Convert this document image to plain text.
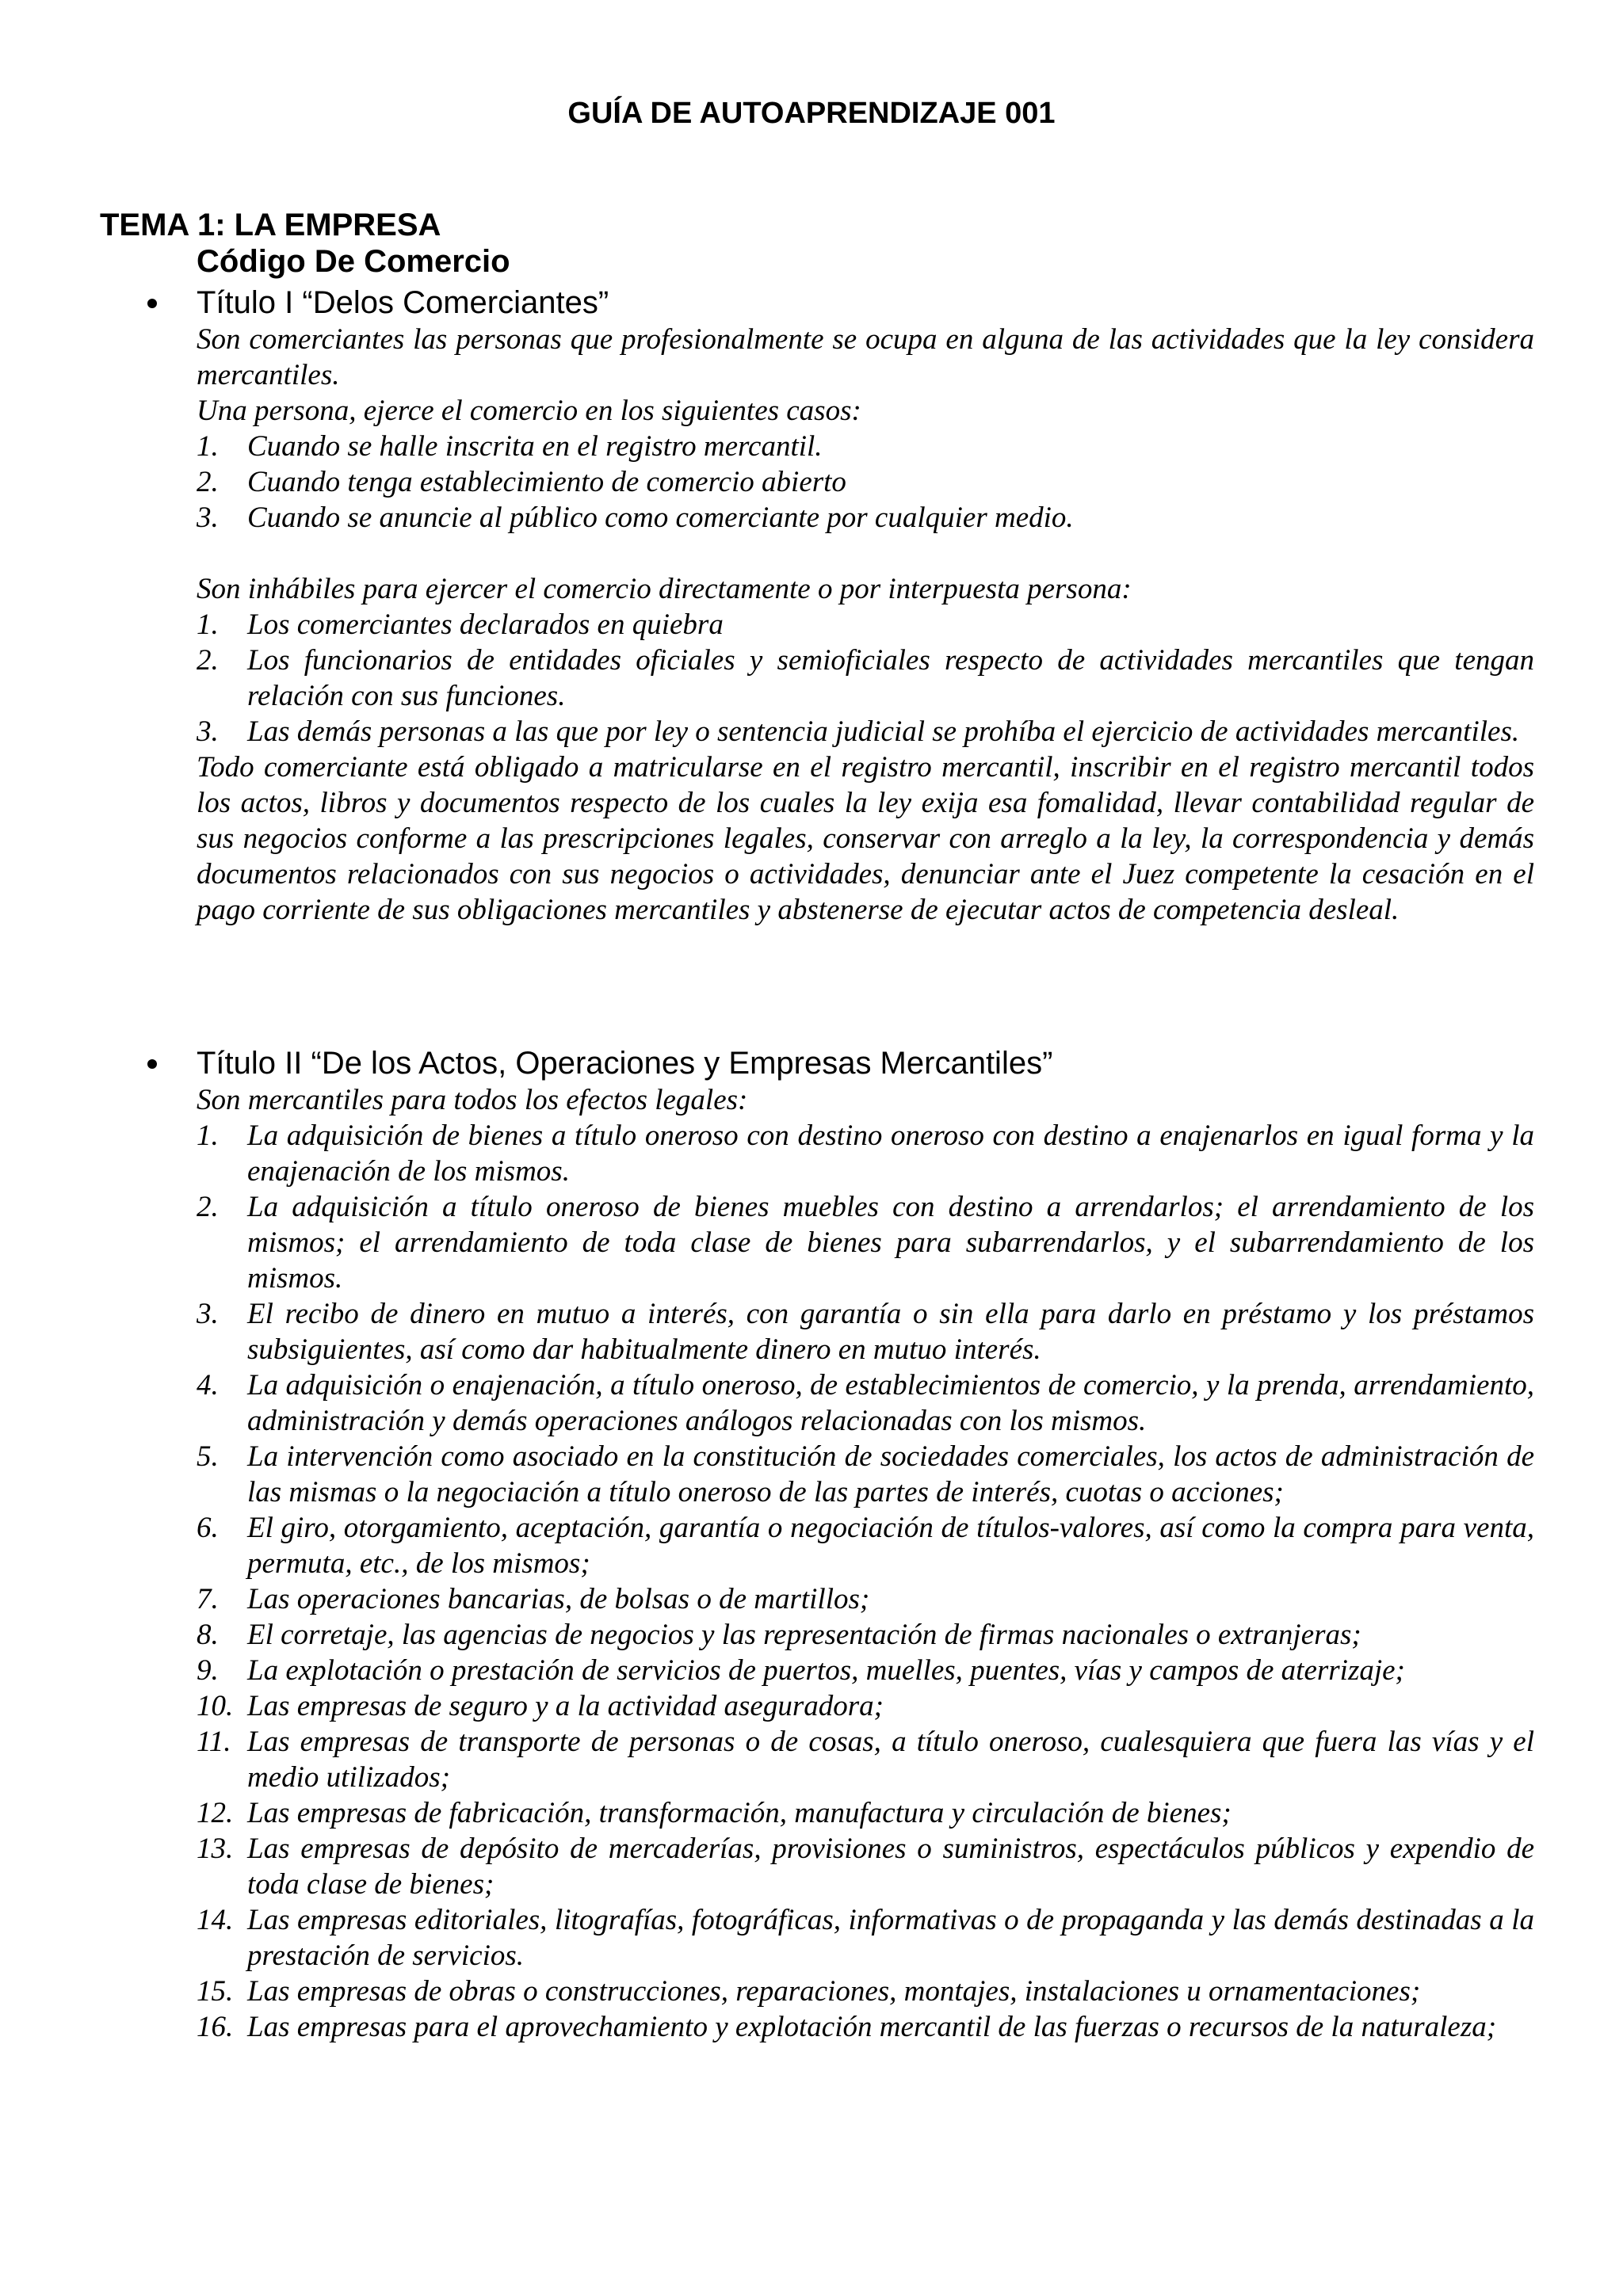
GUÍA DE AUTOAPRENDIZAJE 001
TEMA 1: LA EMPRESA
Código De Comercio
Título I “Delos Comerciantes”

Son comerciantes las personas que profesionalmente se ocupa en alguna de las actividades que la ley considera mercantiles.

Una persona, ejerce el comercio en los siguientes casos:

1. Cuando se halle inscrita en el registro mercantil.
2. Cuando tenga establecimiento de comercio abierto
3. Cuando se anuncie al público como comerciante por cualquier medio.

Son inhábiles para ejercer el comercio directamente o por interpuesta persona:

1. Los comerciantes declarados en quiebra
2. Los funcionarios de entidades oficiales y semioficiales respecto de actividades mercantiles que tengan relación con sus funciones.
3. Las demás personas a las que por ley o sentencia judicial se prohíba el ejercicio de actividades mercantiles.

Todo comerciante está obligado a matricularse en el registro mercantil, inscribir en el registro mercantil todos los actos, libros y documentos respecto de los cuales la ley exija esa fomalidad, llevar contabilidad regular de sus negocios conforme a las prescripciones legales, conservar con arreglo a la ley, la correspondencia y demás documentos relacionados con sus negocios o actividades, denunciar ante el Juez competente la cesación en el pago corriente de sus obligaciones mercantiles y abstenerse de ejecutar actos de competencia desleal.

Título II “De los Actos, Operaciones y Empresas Mercantiles”

Son mercantiles para todos los efectos legales:

1. La adquisición de bienes a título oneroso con destino oneroso con destino a enajenarlos en igual forma y la enajenación de los mismos.
2. La adquisición a título oneroso de bienes muebles con destino a arrendarlos; el arrendamiento de los mismos; el arrendamiento de toda clase de bienes para subarrendarlos, y el subarrendamiento de los mismos.
3. El recibo de dinero en mutuo a interés, con garantía o sin ella para darlo en préstamo y los préstamos subsiguientes, así como dar habitualmente dinero en mutuo interés.
4. La adquisición o enajenación, a título oneroso, de establecimientos de comercio, y la prenda, arrendamiento, administración y demás operaciones análogos relacionadas con los mismos.
5. La intervención como asociado en la constitución de sociedades comerciales, los actos de administración de las mismas o la negociación a título oneroso de las partes de interés, cuotas o acciones;
6. El giro, otorgamiento, aceptación, garantía o negociación de títulos-valores, así como la compra para venta, permuta, etc., de los mismos;
7. Las operaciones bancarias, de bolsas o de martillos;
8. El corretaje, las agencias de negocios y las representación de firmas nacionales o extranjeras;
9. La explotación o prestación de servicios de puertos, muelles, puentes, vías y campos de aterrizaje;
10. Las empresas de seguro y a la actividad aseguradora;
11. Las empresas de transporte de personas o de cosas, a título oneroso, cualesquiera que fuera las vías y el medio utilizados;
12. Las empresas de fabricación, transformación, manufactura y circulación de bienes;
13. Las empresas de depósito de mercaderías, provisiones o suministros, espectáculos públicos y expendio de toda clase de bienes;
14. Las empresas editoriales, litografías, fotográficas, informativas o de propaganda y las demás destinadas a la prestación de servicios.
15. Las empresas de obras o construcciones, reparaciones, montajes, instalaciones u ornamentaciones;
16. Las empresas para el aprovechamiento y explotación mercantil de las fuerzas o recursos de la naturaleza;
